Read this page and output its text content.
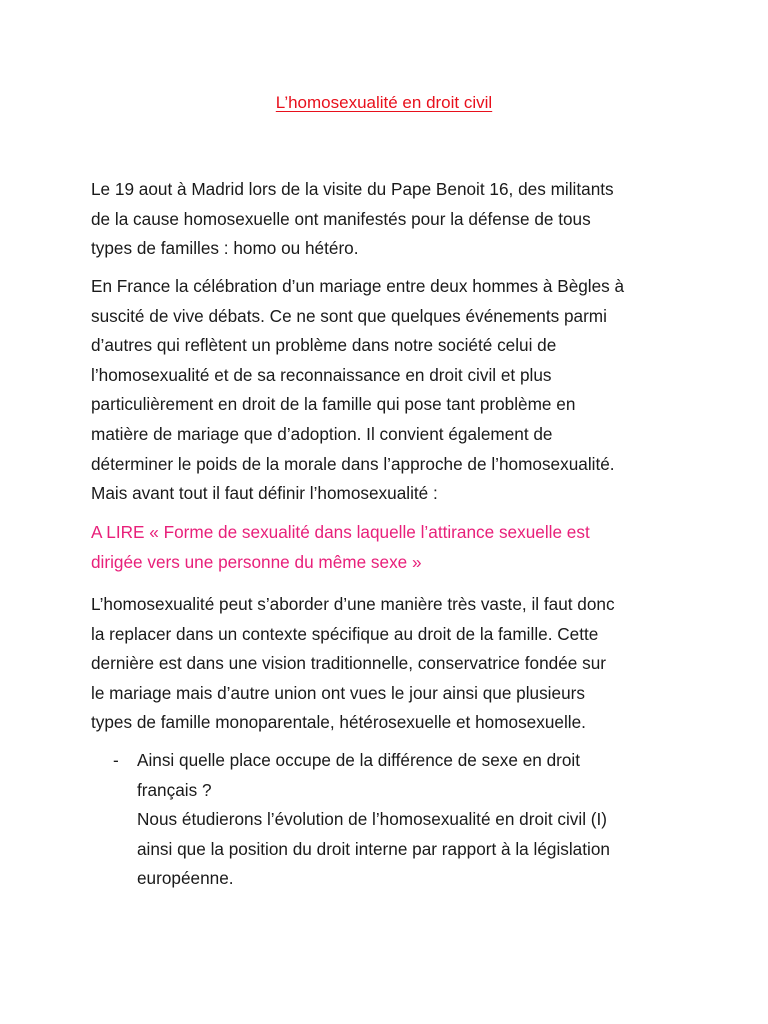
L’homosexualité en droit civil

Le 19 aout à Madrid lors de la visite du Pape Benoit 16, des militants
de la cause homosexuelle ont manifestés pour la défense de tous
types de familles : homo ou hétéro.

En France la célébration d’un mariage entre deux hommes à Bègles à
suscité de vive débats. Ce ne sont que quelques événements parmi
d’autres qui reflètent un problème dans notre société celui de
l’homosexualité et de sa reconnaissance en droit civil et plus
particulièrement en droit de la famille qui pose tant problème en
matière de mariage que d’adoption. Il convient également de
déterminer le poids de la morale dans l’approche de l’homosexualité.
Mais avant tout il faut définir l’homosexualité :

A LIRE « Forme de sexualité dans laquelle l’attirance sexuelle est
dirigée vers une personne du même sexe »

L’homosexualité peut s’aborder d’une manière très vaste, il faut donc
la replacer dans un contexte spécifique au droit de la famille. Cette
dernière est dans une vision traditionnelle, conservatrice fondée sur
le mariage mais d’autre union ont vues le jour ainsi que plusieurs
types de famille monoparentale, hétérosexuelle et homosexuelle.

- Ainsi quelle place occupe de la différence de sexe en droit
français ?
Nous étudierons l’évolution de l’homosexualité en droit civil (I)
ainsi que la position du droit interne par rapport à la législation
européenne.
